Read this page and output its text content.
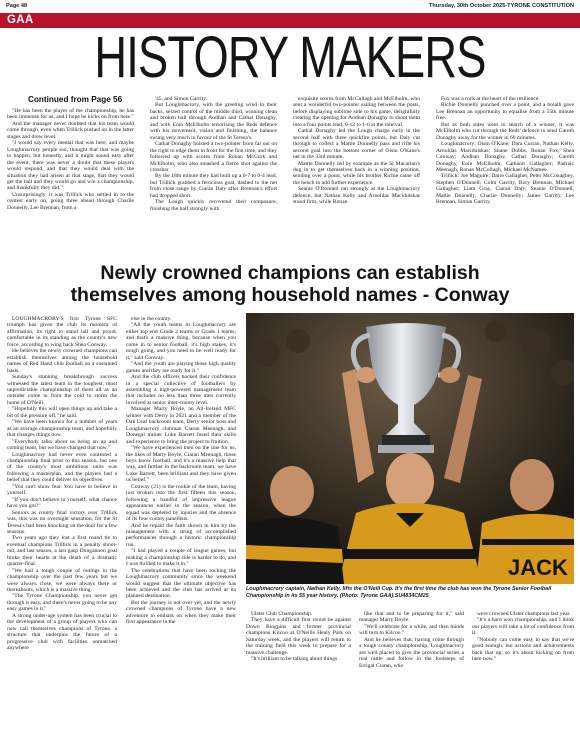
Page 48	Thursday, 30th October 2025-TYRONE CONSTITUTION
GAA
HISTORY MAKERS
Continued from Page 56

"He has been the player of the championship, he has been immense for us, and I hope he kicks on from here."

And the manager never doubted that his team would come through, even when Trillick pushed on in the latter stages and drew level.

"I would say every mental that was here, and maybe Loughmacrory people too, thought that that was going to happen, but honestly, and it might sound easy after the event, there was never a doubt that these players would respond, and that they would deal with the situation they had arisen at that stage, that they would get the ball and they would go and win a championship, and thankfully they did."

Unsurprisingly, it was Trillick who settled in to the contest early on, going three ahead through Charlie Donnelly, Lee Brennan, from a

'45, and Simon Garrity.

But Loughmacrory, with the greeting wind in their backs, seized control of the middle third, winning clean and broken ball through Aodhan and Cathal Donaghy, and with Eoin McElholm terrorising the Reds defence with his movement, vision and finishing, the balance swung very much in favour of the St Teresa's.

Cathal Donaghy hoisted a two-pointer from far out on the right to edge them in front for the first time, and they followed up with scores from Ronan McGurk and McElholm, who also smashed a fierce shot against the crossbar.

By the 18th minute they had built up a 0-7 to 0-4 lead, but Trillick grabbed a ferocious goal, dashed to the net from close range by Ciaran Daly after Brennan's effort had dropped short.

The Lough quickly recovered their composure, finishing the half strongly with

exquisite scores from McCullagh and McElholm, who sent a wonderful two-pointer sailing between the posts, before displaying sublime side to his game, delightfully creating the opening for Aodhan Donaghy to shoot them into a four points lead, 0-12 to 1-6 at the interval.

Cathal Donaghy led the Lough charge early in the second half with three quickfire points, but Daly cut through to collect a Mattie Donnelly pass and rifle his second goal into the bottom corner of Oisin O'Kane's net in the 33rd minute.

Mattie Donnelly led by example as the St Macartan's dug in to get themselves back in a winning position, sending over a point, while his brother Richie came off the bench to add further experience.

Seanie O'Donnell ran strongly at the Loughmacrory defence, but Nathan Kelly and Arnoldas Macidulskas stood firm, while Ronan

Fox was a rock at the heart of the resilience.

Richie Donnelly punched over a point, and a breath gave Lee Brennan an opportunity to equalise from a 55th minute free.

But as both sides went in search of a winner, it was McElholm who cut through the Reds' defence to send Gareth Donaghy away for the winner in 60 minutes.

Loughmacrory: Oisin O'Kane; Dara Curran, Nathan Kelly, Arnoldas Macidulskas; Shane Dobbs, Ronan Fox, Shea Conway; Aodhan Donaghy, Cathal Donaghy; Gareth Donaghy, Eoin McElholm, Cathaoir Gallagher; Padraic Meenagh, Ronan McCullagh, Michael McNamee.

Trillick: Joe Maguire; Daire Gallagher, Peter McConaghey, Stephen O'Donnell; Colm Garrity, Rory Brennan, Michael Gallagher; Liam Gray, Ciaran Daly; Seanie O'Donnell, Mattie Donnelly, Charlie Donnelly; James Garrity, Lee Brennan, Simon Garrity.

Newly crowned champions can establish
themselves among household names - Conway

LOUGHMACRORY'S first Tyrone SFC triumph has given the club its moment of affirmation, its right to stand tall and proud, comfortable in its standing as the county's new force, according to wing back Shea Conway.

He believes the newly crowned champions can establish themselves among the household names of Red Hand club football on a sustained basis.

Sunday's stunning breakthrough success witnessed the latest team in the toughest, most unpredictable championship of them all as an outsider come in from the cold to storm the home of O'Neill.

"Hopefully this will open things up and take a bit of the pressure off," he said.

"We have been known for a number of years as an average championship team, and hopefully that changes things now.

"Everybody talks about us being an up and coming team, but we have changed that now."

Loughmacrory had never even contested a championship final prior to this season, but one of the county's most ambitious units was following a masterplan, and the players had a belief that they could deliver its objectives.

"You can't show fear. You have to believe in yourself.

"If you don't believe in yourself, what chance have you got?"

Seniors as county final victory over Trillick was, this was no overnight sensation, for the St Teresa's had been knocking on the door for a few seasons.

Two years ago they lost a first round tie to eventual champions Trillick in a penalty shoot-out, and last season, a last gasp Dungannon goal broke their hearts at the death of a dramatic quarter-final.

"We had a tough couple of outings in the championship over the past few years but we were always close, we were always there or thereabouts, which is a massive thing.

"The Tyrone Championship, you never get through it easy, and there's never going to be any easy games in it."

A strong under-age system has been crucial to the development of a group of players who can now call themselves champions of Tyrone, a structure that underpins the future of a progressive club with facilities unmatched anywhere

else in the county.

"All the youth teams in Loughmacrory are either top end Grade 2 teams or Grade 1 teams, and that's a massive thing, because when you come in to senior football, it's high stakes, it's tough going, and you need to be well ready for it," said Conway.

"And the youth are playing those high quality games and they are ready for it."

And the club officers backed their confidence in a special collective of footballers by assembling a high-powered management team that includes no less than three men currently involved at senior inter-county level.

Manager Marty Boyle, an All-Ireland MFC winner with Derry in 2021 and a member of the Oak Leaf backroom team, Derry senior boss and Loughmacrory clubman Ciaran Meenagh, and Donegal trainer Luke Barrett fused their skills and experience to bring the project to fruition.

"We have experienced men on the line for us, the likes of Marty Boyle, Ciaran Meenagh, those boys know football, and it's a massive help that way, and further in the backroom team, we have Luke Barrett, been brilliant and they have given us belief."

Conway (21) is the rookie of the team, having just broken into the first fifteen this season, following a handful of impressive league appearances earlier in the season, when the squad was depleted by injuries and the absence of its four county panellists.

And he repaid the faith shown in him by the management with a string of accomplished performances through a historic championship run.

"I had played a couple of league games, but making a championship side is harder to do, and I was thrilled to make it in."

The celebrations that have been rocking the Loughmacrory community since the weekend would suggest that the ultimate objective has been achieved and the club has arrived at its planned destination.

But the journey is not over yet, and the newly crowned champions of Tyrone have a new adventure to embark on when they make their first appearance in the

JACK
Loughmacrory captain, Nathan Kelly, lifts the O'Neill Cup. It's the first time the club has won the Tyrone Senior Football Championship in its 55 year history. (Photo: Tyrone GAA).SU4834CM25

Ulster Club Championship.

They have a difficult first round tie against Down Ringpins and former provincial champions Kilcoo at O'Neills Healy Park on Saturday week, and the players will return to the training field this week to prepare for a massive challenge.

"It's brilliant to be talking about things

like that and to be preparing for it," said manager Marty Boyle.

"We'll celebrate for a while, and then minds will turn to Kilcoo."

And he believes that, having come through a tough county championship, Loughmacrory are well placed to give the provincial series a real rattle and follow in the footsteps of Errigal Ciaran, who

were crowned Ulster champions last year.

"It's a hard won championship, and I think our players will take a lot of confidence from it.

"Nobody can come easy to say that we're good enough, but actions and achievements back that up, so it's about kicking on from here now."
